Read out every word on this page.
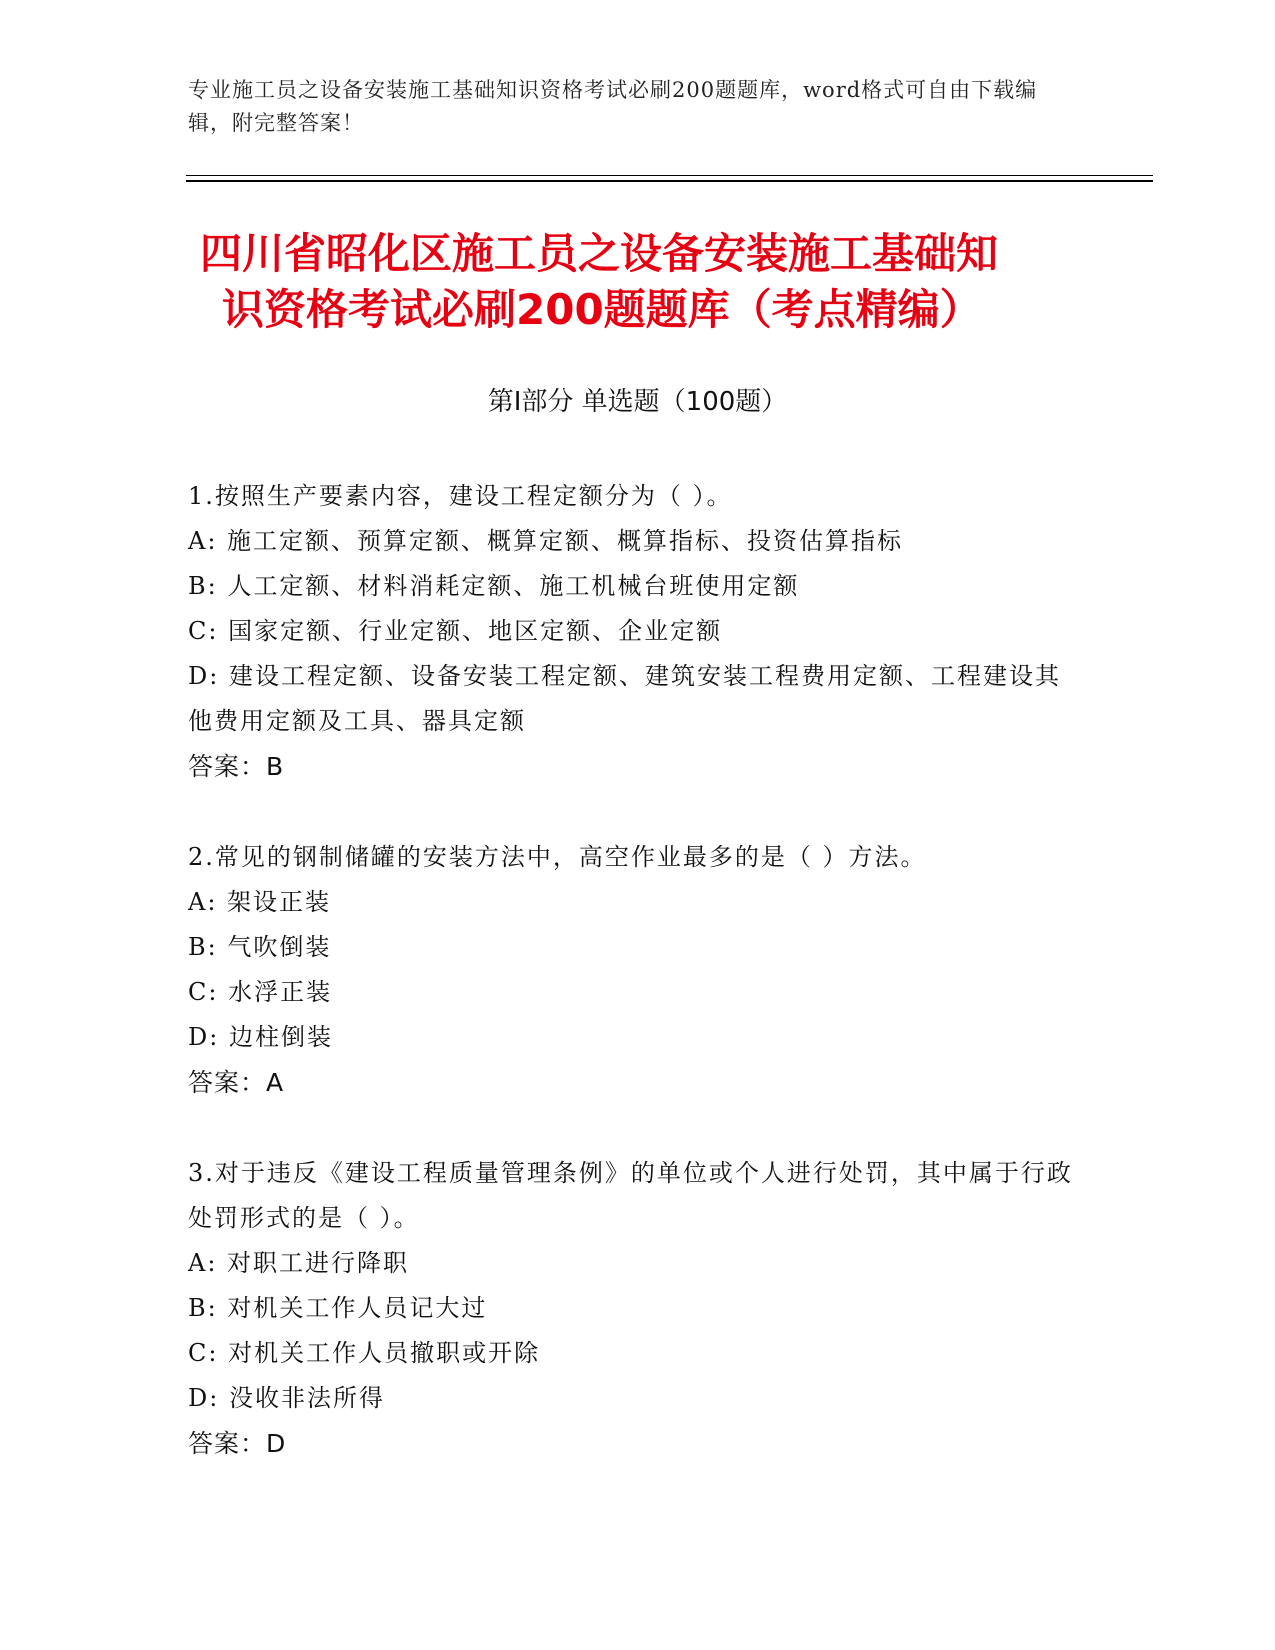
专业施工员之设备安装施工基础知识资格考试必刷200题题库，word格式可自由下载编辑，附完整答案！
四川省昭化区施工员之设备安装施工基础知
识资格考试必刷200题题库（考点精编）
第Ⅰ部分 单选题（100题）

1.按照生产要素内容，建设工程定额分为（ ）。

A: 施工定额、预算定额、概算定额、概算指标、投资估算指标

B: 人工定额、材料消耗定额、施工机械台班使用定额

C: 国家定额、行业定额、地区定额、企业定额

D: 建设工程定额、设备安装工程定额、建筑安装工程费用定额、工程建设其他费用定额及工具、器具定额

答案：B

2.常见的钢制储罐的安装方法中，高空作业最多的是（ ）方法。

A: 架设正装

B: 气吹倒装

C: 水浮正装

D: 边柱倒装

答案：A

3.对于违反《建设工程质量管理条例》的单位或个人进行处罚，其中属于行政处罚形式的是（ ）。

A: 对职工进行降职

B: 对机关工作人员记大过

C: 对机关工作人员撤职或开除

D: 没收非法所得

答案：D
